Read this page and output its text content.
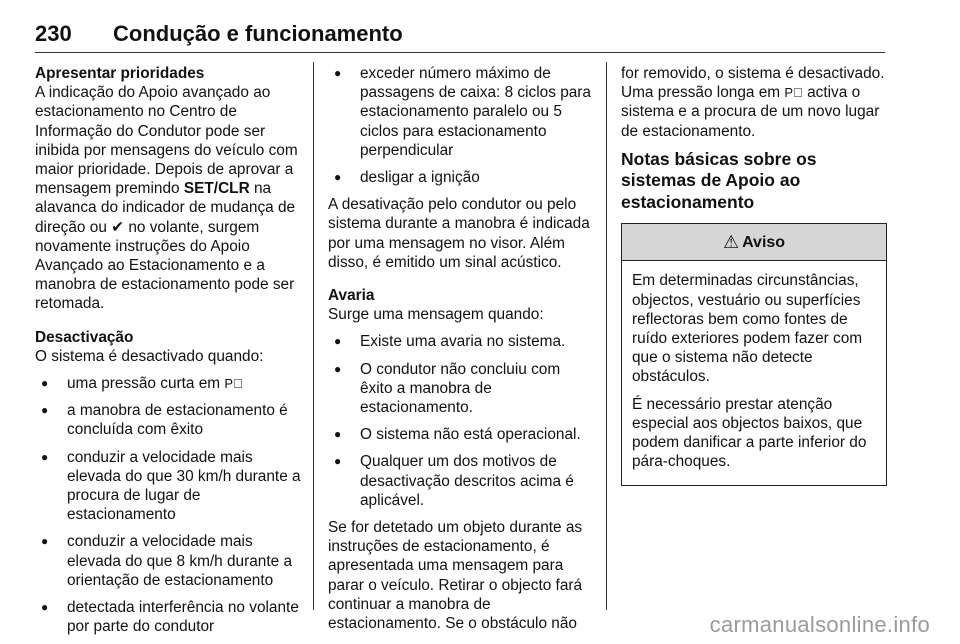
230 Condução e funcionamento
Apresentar prioridades

A indicação do Apoio avançado ao estacionamento no Centro de Informação do Condutor pode ser inibida por mensagens do veículo com maior prioridade. Depois de aprovar a mensagem premindo SET/CLR na alavanca do indicador de mudança de direção ou ✔ no volante, surgem novamente instruções do Apoio Avançado ao Estacionamento e a manobra de estacionamento pode ser retomada.

Desactivação

O sistema é desactivado quando:

● uma pressão curta em P⃣
● a manobra de estacionamento é concluída com êxito
● conduzir a velocidade mais elevada do que 30 km/h durante a procura de lugar de estacionamento
● conduzir a velocidade mais elevada do que 8 km/h durante a orientação de estacionamento
● detectada interferência no volante por parte do condutor
● exceder número máximo de passagens de caixa: 8 ciclos para estacionamento paralelo ou 5 ciclos para estacionamento perpendicular
● desligar a ignição

A desativação pelo condutor ou pelo sistema durante a manobra é indicada por uma mensagem no visor. Além disso, é emitido um sinal acústico.

Avaria

Surge uma mensagem quando:

● Existe uma avaria no sistema.
● O condutor não concluiu com êxito a manobra de estacionamento.
● O sistema não está operacional.
● Qualquer um dos motivos de desactivação descritos acima é aplicável.

Se for detetado um objeto durante as instruções de estacionamento, é apresentada uma mensagem para parar o veículo. Retirar o objecto fará continuar a manobra de estacionamento. Se o obstáculo não

for removido, o sistema é desactivado. Uma pressão longa em P⃣ activa o sistema e a procura de um novo lugar de estacionamento.

Notas básicas sobre os sistemas de Apoio ao estacionamento
⚠ Aviso

Em determinadas circunstâncias, objectos, vestuário ou superfícies reflectoras bem como fontes de ruído exteriores podem fazer com que o sistema não detecte obstáculos.

É necessário prestar atenção especial aos objectos baixos, que podem danificar a parte inferior do pára-choques.

carmanualsonline.info
